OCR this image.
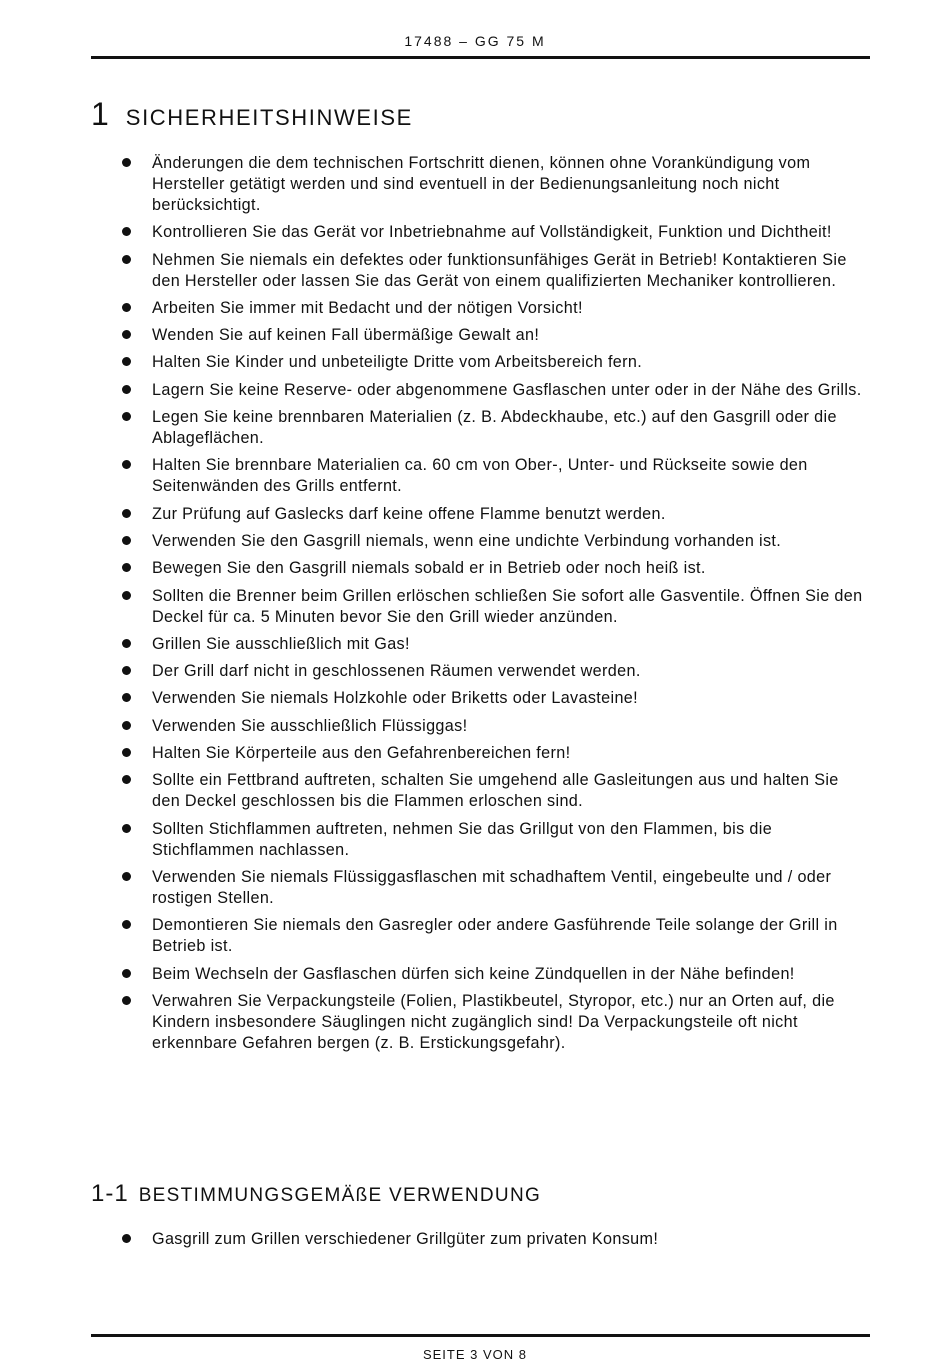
17488 – GG 75 M
1 SICHERHEITSHINWEISE
Änderungen die dem technischen Fortschritt dienen, können ohne Vorankündigung vom Hersteller getätigt werden und sind eventuell in der Bedienungsanleitung noch nicht berücksichtigt.
Kontrollieren Sie das Gerät vor Inbetriebnahme auf Vollständigkeit, Funktion und Dichtheit!
Nehmen Sie niemals ein defektes oder funktionsunfähiges Gerät in Betrieb! Kontaktieren Sie den Hersteller oder lassen Sie das Gerät von einem qualifizierten Mechaniker kontrollieren.
Arbeiten Sie immer mit Bedacht und der nötigen Vorsicht!
Wenden Sie auf keinen Fall übermäßige Gewalt an!
Halten Sie Kinder und unbeteiligte Dritte vom Arbeitsbereich fern.
Lagern Sie keine Reserve- oder abgenommene Gasflaschen unter oder in der Nähe des Grills.
Legen Sie keine brennbaren Materialien (z. B. Abdeckhaube, etc.) auf den Gasgrill oder die Ablageflächen.
Halten Sie brennbare Materialien ca. 60 cm von Ober-, Unter- und Rückseite sowie den Seitenwänden des Grills entfernt.
Zur Prüfung auf Gaslecks darf keine offene Flamme benutzt werden.
Verwenden Sie den Gasgrill niemals, wenn eine undichte Verbindung vorhanden ist.
Bewegen Sie den Gasgrill niemals sobald er in Betrieb oder noch heiß ist.
Sollten die Brenner beim Grillen erlöschen schließen Sie sofort alle Gasventile. Öffnen Sie den Deckel für ca. 5 Minuten bevor Sie den Grill wieder anzünden.
Grillen Sie ausschließlich mit Gas!
Der Grill darf nicht in geschlossenen Räumen verwendet werden.
Verwenden Sie niemals Holzkohle oder Briketts oder Lavasteine!
Verwenden Sie ausschließlich Flüssiggas!
Halten Sie Körperteile aus den Gefahrenbereichen fern!
Sollte ein Fettbrand auftreten, schalten Sie umgehend alle Gasleitungen aus und halten Sie den Deckel geschlossen bis die Flammen erloschen sind.
Sollten Stichflammen auftreten, nehmen Sie das Grillgut von den Flammen, bis die Stichflammen nachlassen.
Verwenden Sie niemals Flüssiggasflaschen mit schadhaftem Ventil, eingebeulte und / oder rostigen Stellen.
Demontieren Sie niemals den Gasregler oder andere Gasführende Teile solange der Grill in Betrieb ist.
Beim Wechseln der Gasflaschen dürfen sich keine Zündquellen in der Nähe befinden!
Verwahren Sie Verpackungsteile (Folien, Plastikbeutel, Styropor, etc.) nur an Orten auf, die Kindern insbesondere Säuglingen nicht zugänglich sind! Da Verpackungsteile oft nicht erkennbare Gefahren bergen (z. B. Erstickungsgefahr).
1-1 BESTIMMUNGSGEMÄßE VERWENDUNG
Gasgrill zum Grillen verschiedener Grillgüter zum privaten Konsum!
SEITE 3 VON 8
